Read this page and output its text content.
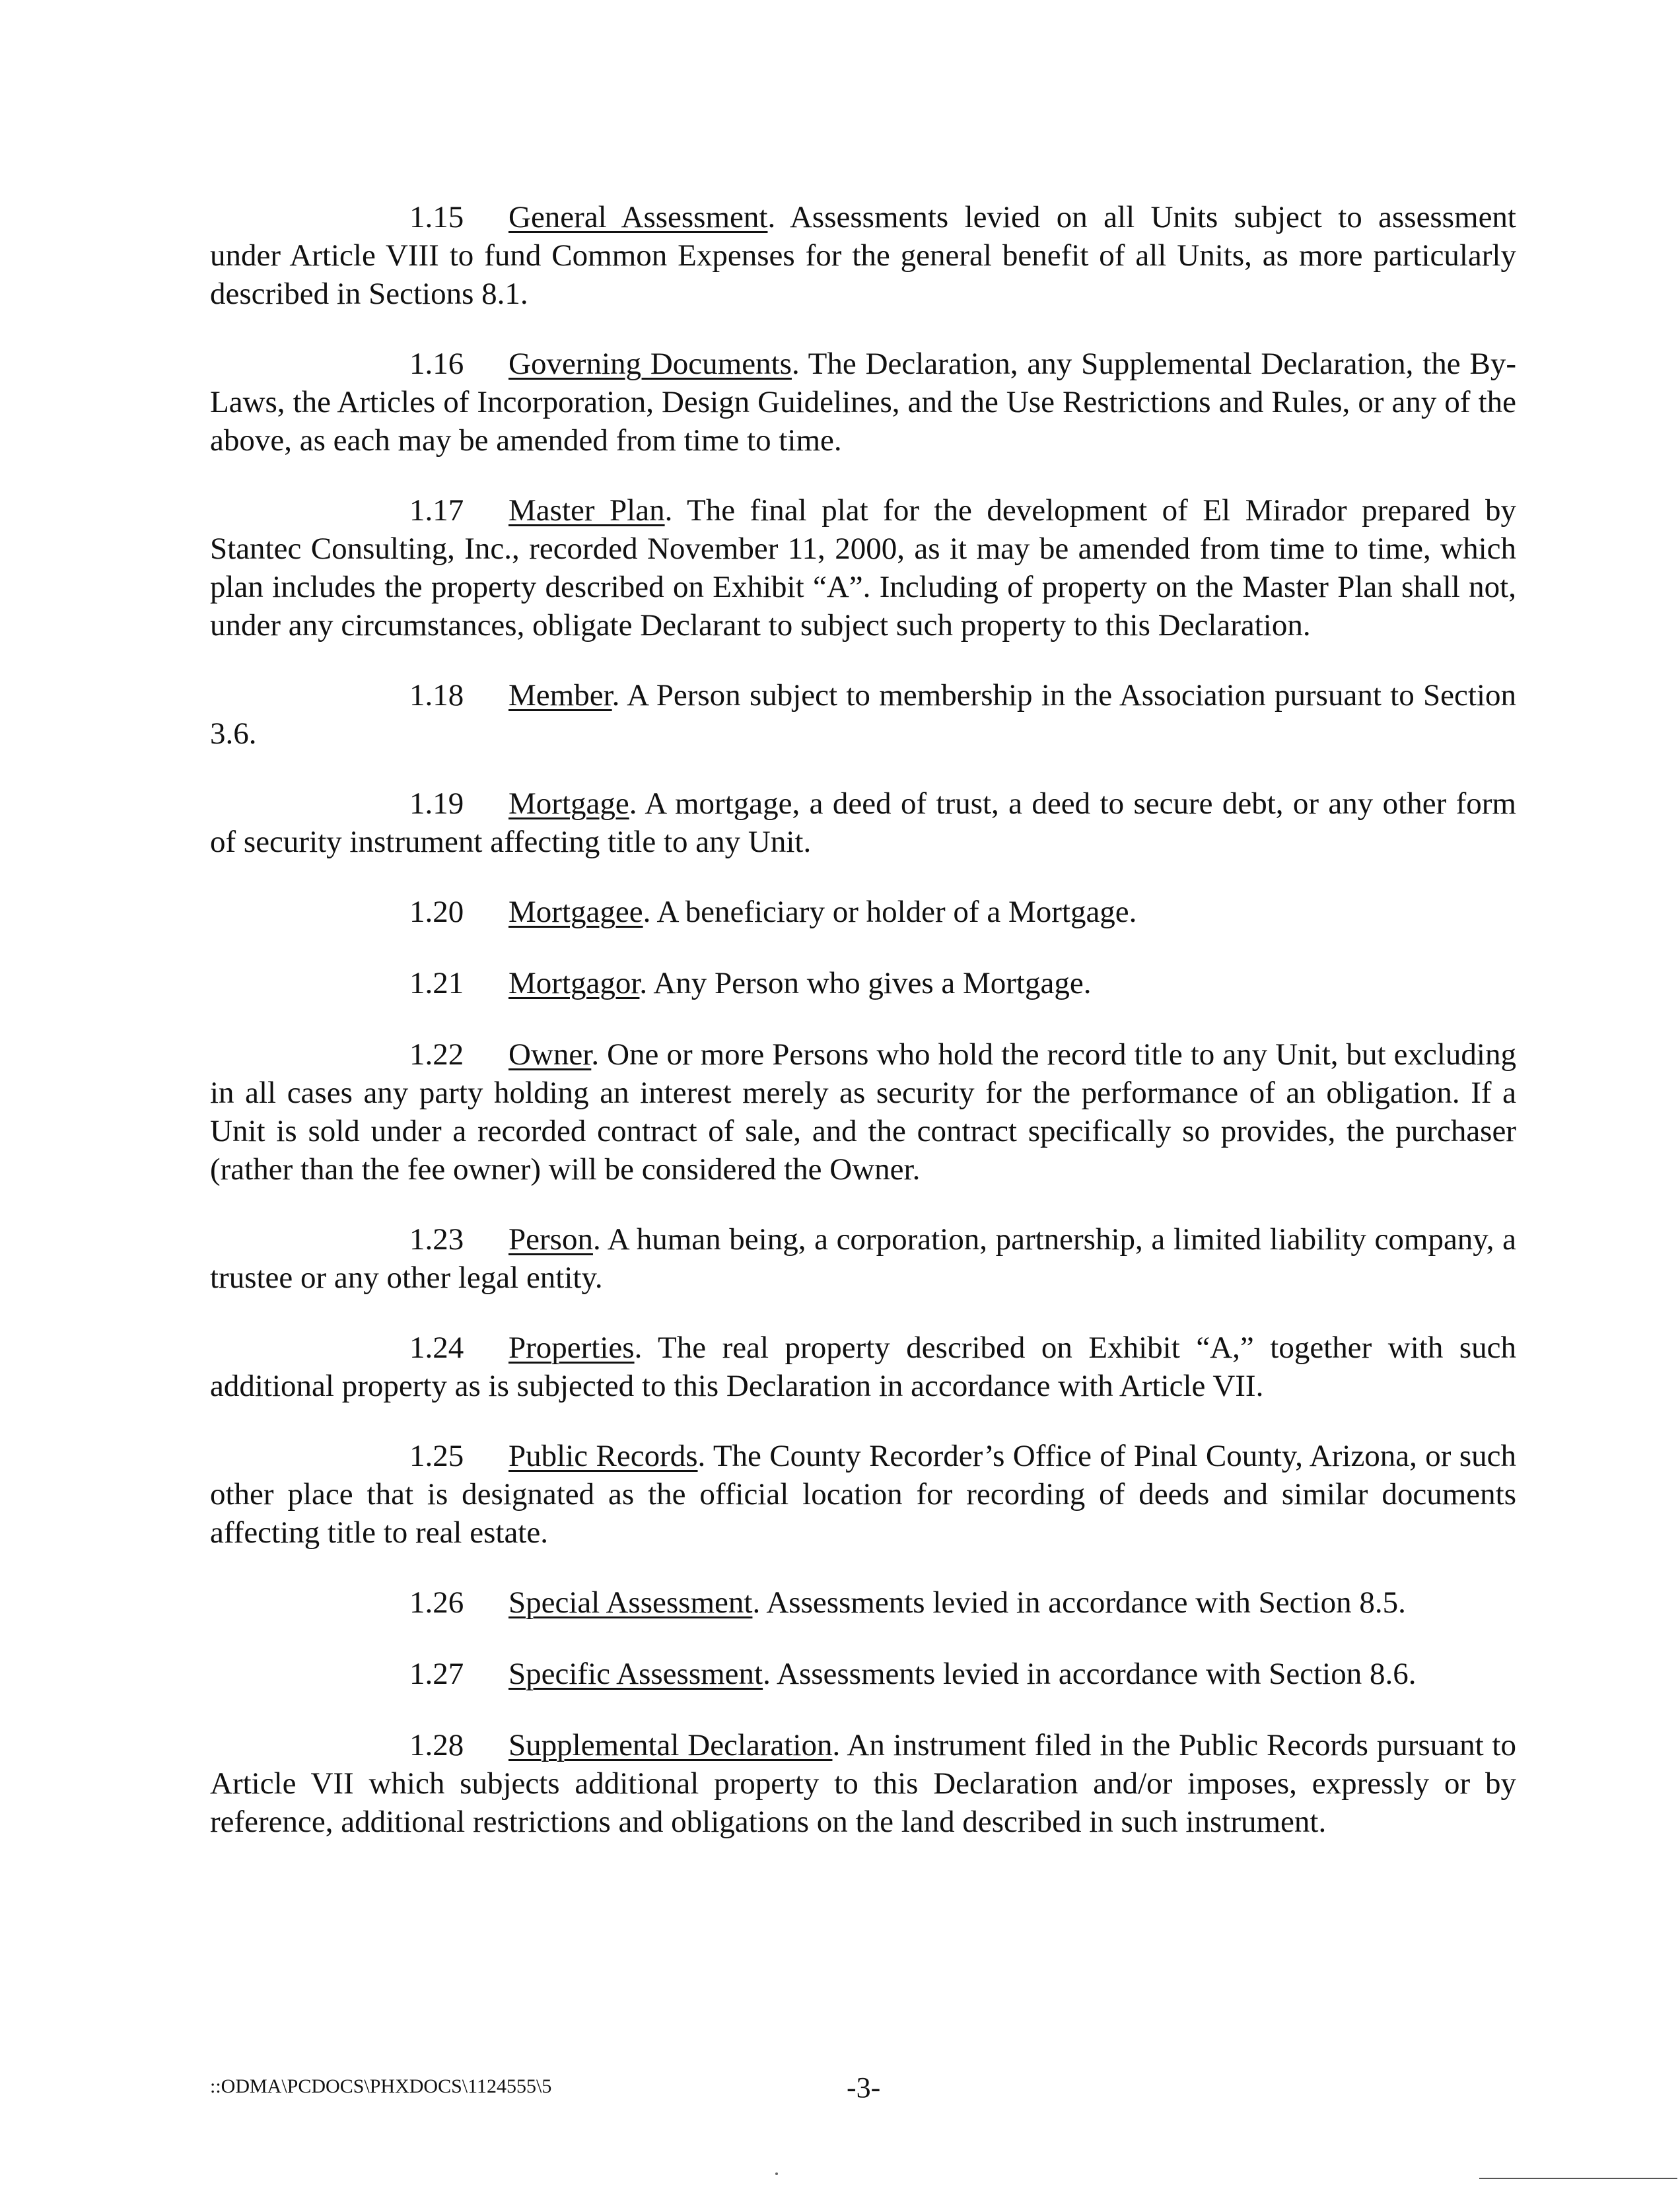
1.15 General Assessment. Assessments levied on all Units subject to assessment under Article VIII to fund Common Expenses for the general benefit of all Units, as more particularly described in Sections 8.1.

1.16 Governing Documents. The Declaration, any Supplemental Declaration, the By-Laws, the Articles of Incorporation, Design Guidelines, and the Use Restrictions and Rules, or any of the above, as each may be amended from time to time.

1.17 Master Plan. The final plat for the development of El Mirador prepared by Stantec Consulting, Inc., recorded November 11, 2000, as it may be amended from time to time, which plan includes the property described on Exhibit “A”. Including of property on the Master Plan shall not, under any circumstances, obligate Declarant to subject such property to this Declaration.

1.18 Member. A Person subject to membership in the Association pursuant to Section 3.6.

1.19 Mortgage. A mortgage, a deed of trust, a deed to secure debt, or any other form of security instrument affecting title to any Unit.

1.20 Mortgagee. A beneficiary or holder of a Mortgage.

1.21 Mortgagor. Any Person who gives a Mortgage.

1.22 Owner. One or more Persons who hold the record title to any Unit, but excluding in all cases any party holding an interest merely as security for the performance of an obligation. If a Unit is sold under a recorded contract of sale, and the contract specifically so provides, the purchaser (rather than the fee owner) will be considered the Owner.

1.23 Person. A human being, a corporation, partnership, a limited liability company, a trustee or any other legal entity.

1.24 Properties. The real property described on Exhibit “A,” together with such additional property as is subjected to this Declaration in accordance with Article VII.

1.25 Public Records. The County Recorder’s Office of Pinal County, Arizona, or such other place that is designated as the official location for recording of deeds and similar documents affecting title to real estate.

1.26 Special Assessment. Assessments levied in accordance with Section 8.5.

1.27 Specific Assessment. Assessments levied in accordance with Section 8.6.

1.28 Supplemental Declaration. An instrument filed in the Public Records pursuant to Article VII which subjects additional property to this Declaration and/or imposes, expressly or by reference, additional restrictions and obligations on the land described in such instrument.

::ODMA\PCDOCS\PHXDOCS\1124555\5	-3-
